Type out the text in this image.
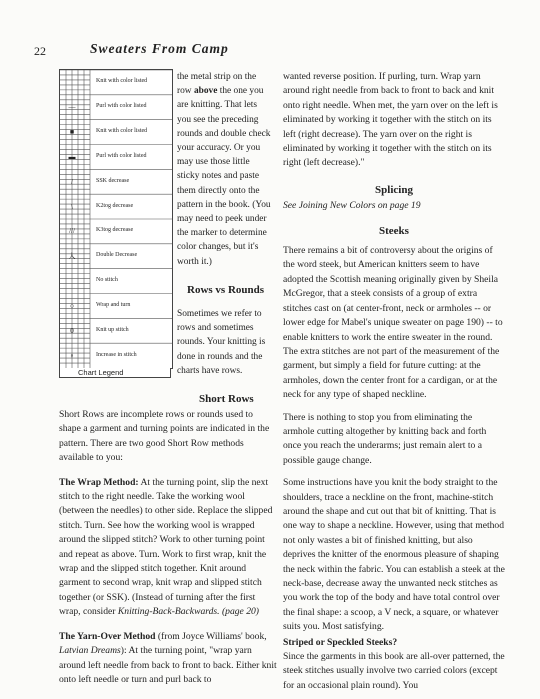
22	Sweaters From Camp
Knit with color listed
—	Purl with color listed
■	Knit with color listed
▬	Purl with color listed
/	SSK decrease
\	K2tog decrease
///	K3tog decrease
人	Double Decrease
No stitch
○	Wrap and turn
0	Knit up stitch
♀	Increase in stitch
Chart Legend

the metal strip on the row above the one you are knitting. That lets you see the preceding rounds and double check your accuracy. Or you may use those little sticky notes and paste them directly onto the pattern in the book. (You may need to peek under the marker to determine color changes, but it's worth it.)

Rows vs Rounds

Sometimes we refer to rows and sometimes rounds. Your knitting is done in rounds and the charts have rows.

Short Rows

Short Rows are incomplete rows or rounds used to shape a garment and turning points are indicated in the pattern. There are two good Short Row methods available to you:

The Wrap Method: At the turning point, slip the next stitch to the right needle. Take the working wool (between the needles) to other side. Replace the slipped stitch. Turn. See how the working wool is wrapped around the slipped stitch? Work to other turning point and repeat as above. Turn. Work to first wrap, knit the wrap and the slipped stitch together. Knit around garment to second wrap, knit wrap and slipped stitch together (or SSK). (Instead of turning after the first wrap, consider Knitting-Back-Backwards. (page 20)

The Yarn-Over Method (from Joyce Williams' book, Latvian Dreams): At the turning point, "wrap yarn around left needle from back to front to back. Either knit onto left needle or turn and purl back to

wanted reverse position. If purling, turn. Wrap yarn around right needle from back to front to back and knit onto right needle. When met, the yarn over on the left is eliminated by working it together with the stitch on its left (right decrease). The yarn over on the right is eliminated by working it together with the stitch on its right (left decrease)."

Splicing

See Joining New Colors on page 19

Steeks

There remains a bit of controversy about the origins of the word steek, but American knitters seem to have adopted the Scottish meaning originally given by Sheila McGregor, that a steek consists of a group of extra stitches cast on (at center-front, neck or armholes -- or lower edge for Mabel's unique sweater on page 190) -- to enable knitters to work the entire sweater in the round. The extra stitches are not part of the measurement of the garment, but simply a field for future cutting: at the armholes, down the center front for a cardigan, or at the neck for any type of shaped neckline.

There is nothing to stop you from eliminating the armhole cutting altogether by knitting back and forth once you reach the underarms; just remain alert to a possible gauge change.

Some instructions have you knit the body straight to the shoulders, trace a neckline on the front, machine-stitch around the shape and cut out that bit of knitting. That is one way to shape a neckline. However, using that method not only wastes a bit of finished knitting, but also deprives the knitter of the enormous pleasure of shaping the neck within the fabric. You can establish a steek at the neck-base, decrease away the unwanted neck stitches as you work the top of the body and have total control over the final shape: a scoop, a V neck, a square, or whatever suits you. Most satisfying.

Striped or Speckled Steeks?

Since the garments in this book are all-over patterned, the steek stitches usually involve two carried colors (except for an occasional plain round). You
